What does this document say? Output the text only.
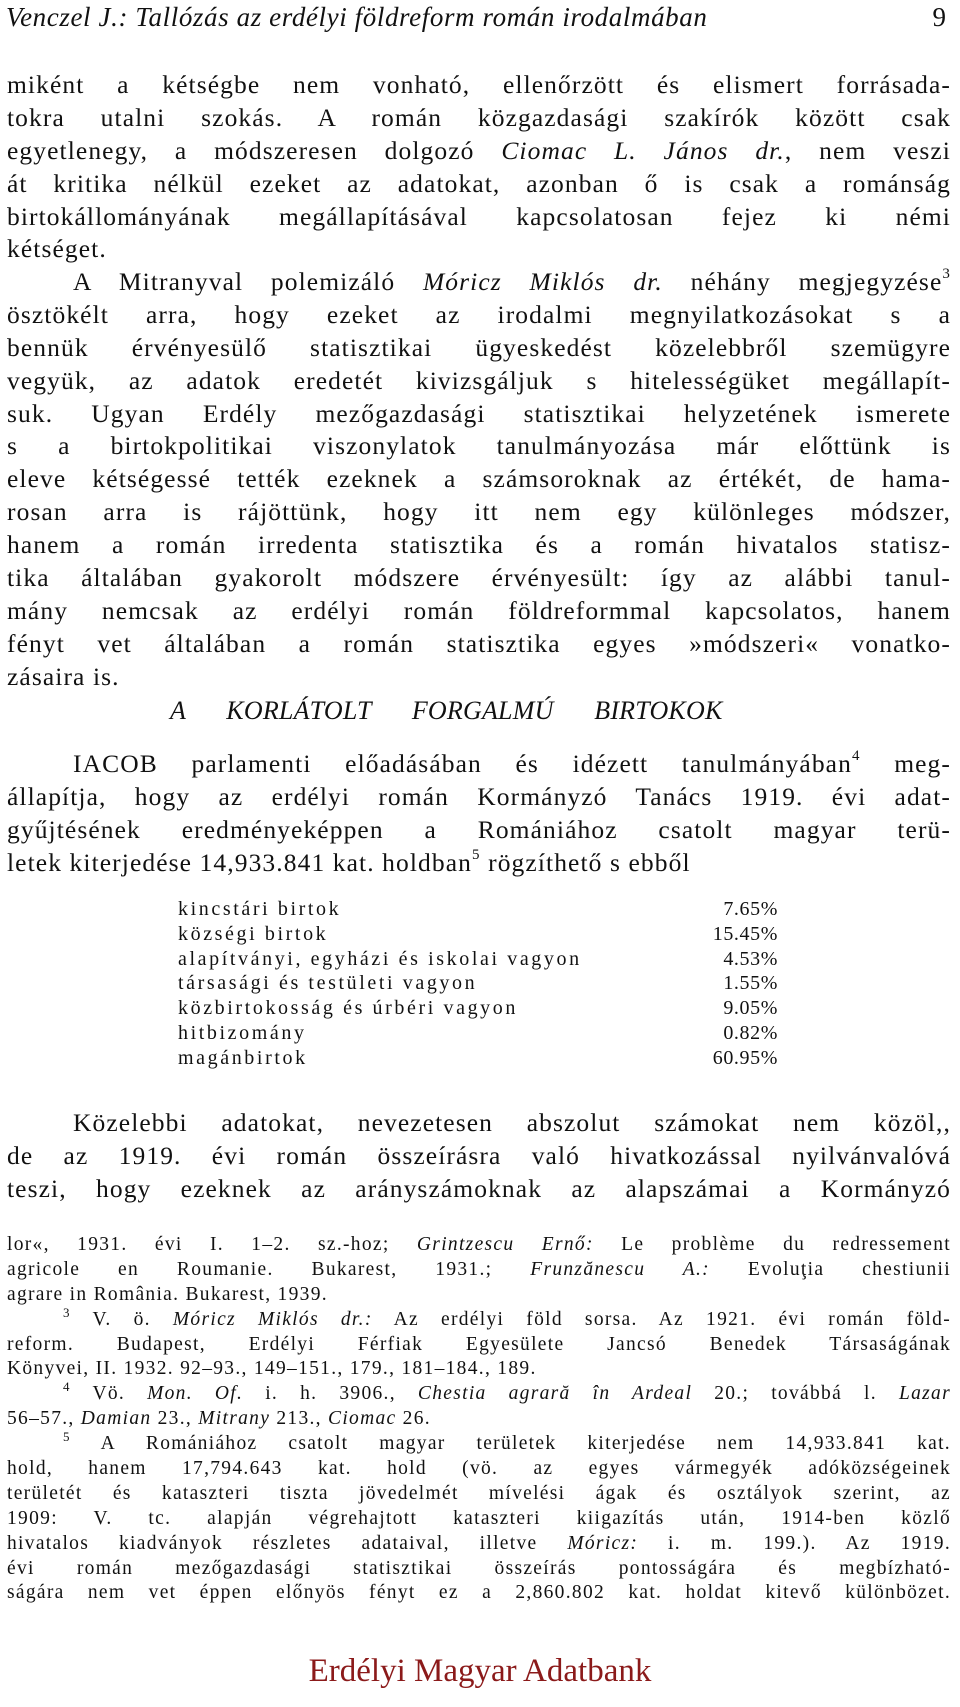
Venczel J.: Tallózás az erdélyi földreform román irodalmában	9
miként a kétségbe nem vonható, ellenőrzött és elismert forrásada-
tokra utalni szokás. A román közgazdasági szakírók között csak
egyetlenegy, a módszeresen dolgozó Ciomac L. János dr., nem veszi
át kritika nélkül ezeket az adatokat, azonban ő is csak a románság
birtokállományának megállapításával kapcsolatosan fejez ki némi
kétséget.
A Mitranyval polemizáló Móricz Miklós dr. néhány megjegyzése$^3$
ösztökélt arra, hogy ezeket az irodalmi megnyilatkozásokat s a
bennük érvényesülő statisztikai ügyeskedést közelebbről szemügyre
vegyük, az adatok eredetét kivizsgáljuk s hitelességüket megállapít-
suk. Ugyan Erdély mezőgazdasági statisztikai helyzetének ismerete
s a birtokpolitikai viszonylatok tanulmányozása már előttünk is
eleve kétségessé tették ezeknek a számsoroknak az értékét, de hama-
rosan arra is rájöttünk, hogy itt nem egy különleges módszer,
hanem a román irredenta statisztika és a román hivatalos statisz-
tika általában gyakorolt módszere érvényesült: így az alábbi tanul-
mány nemcsak az erdélyi román földreformmal kapcsolatos, hanem
fényt vet általában a román statisztika egyes »módszeri« vonatko-
zásaira is.
A KORLÁTOLT FORGALMÚ BIRTOKOK
IACOB parlamenti előadásában és idézett tanulmányában$^4$ meg-
állapítja, hogy az erdélyi román Kormányzó Tanács 1919. évi adat-
gyűjtésének eredményeképpen a Romániához csatolt magyar terü-
letek kiterjedése 14,933.841 kat. holdban$^5$ rögzíthető s ebből
kincstári birtok	7.65%
községi birtok	15.45%
alapítványi, egyházi és iskolai vagyon	4.53%
társasági és testületi vagyon	1.55%
közbirtokosság és úrbéri vagyon	9.05%
hitbizomány	0.82%
magánbirtok	60.95%
Közelebbi adatokat, nevezetesen abszolut számokat nem közöl,,
de az 1919. évi román összeírásra való hivatkozással nyilvánvalóvá
teszi, hogy ezeknek az arányszámoknak az alapszámai a Kormányzó
lor«, 1931. évi I. 1–2. sz.-hoz; Grintzescu Ernő: Le problème du redressement
agricole en Roumanie. Bukarest, 1931.; Frunzănescu A.: Evoluţia chestiunii
agrare in România. Bukarest, 1939.
$^3$ V. ö. Móricz Miklós dr.: Az erdélyi föld sorsa. Az 1921. évi román föld-
reform. Budapest, Erdélyi Férfiak Egyesülete Jancsó Benedek Társaságának
Könyvei, II. 1932. 92–93., 149–151., 179., 181–184., 189.
$^4$ Vö. Mon. Of. i. h. 3906., Chestia agrară în Ardeal 20.; továbbá l. Lazar
56–57., Damian 23., Mitrany 213., Ciomac 26.
$^5$ A Romániához csatolt magyar területek kiterjedése nem 14,933.841 kat.
hold, hanem 17,794.643 kat. hold (vö. az egyes vármegyék adóközségeinek
területét és kataszteri tiszta jövedelmét mívelési ágak és osztályok szerint, az
1909: V. tc. alapján végrehajtott kataszteri kiigazítás után, 1914-ben közlő
hivatalos kiadványok részletes adataival, illetve Móricz: i. m. 199.). Az 1919.
évi román mezőgazdasági statisztikai összeírás pontosságára és megbízható-
ságára nem vet éppen előnyös fényt ez a 2,860.802 kat. holdat kitevő különbözet.
Erdélyi Magyar Adatbank
